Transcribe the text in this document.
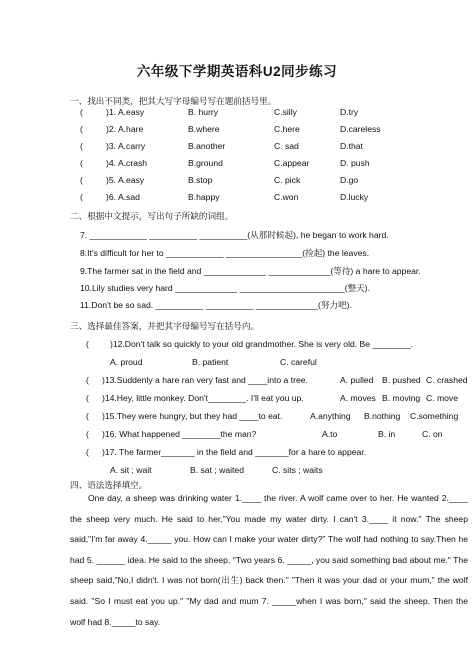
六年级下学期英语科U2同步练习
一、找出不同类，把其大写字母编号写在题前括号里。
(	)1. A.easy	B. hurry	C.silly	D.try
(	)2. A.hare	B.where	C.here	D.careless
(	)3. A.carry	B.another	C. sad	D.that
(	)4. A.crash	B.ground	C.appear	D. push
(	)5. A.easy	B.stop	C. pick	D.go
(	)6. A.sad	B.happy	C.won	D.lucky
二、根据中文提示，写出句子所缺的词组。
7. ____________ __________ __________(从那时候起), he began to work hard.
8.It's difficult for her to ____________ ________________(捡起) the leaves.
9.The farmer sat in the field and _____________ _____________(等待) a hare to appear.
10.Lily studies very hard _____________ ______________________(整天).
11.Don't be so sad. __________ __________ _____________(努力吧).
三、选择最佳答案，并把其字母编号写在括号内。
( )12.Don't talk so quickly to your old grandmother. She is very old. Be ________.
A. proud	B. patient	C. careful
( )13.Suddenly a hare ran very fast and ____into a tree.	A. pulled B. pushed C. crashed
( )14.Hey, little monkey. Don't________. I'll eat you up.	A. moves B. moving C. move
( )15.They were hungry, but they had ____to eat.	A.anything B.nothing C.something
( )16. What happened ________the man?	A.to	B. in	C. on
( )17. The farmer_______ in the field and _______for a hare to appear.
A. sit ; wait	B. sat ; waited	C. sits ; waits
四、语法选择填空。
One day, a sheep was drinking water 1.____ the river. A wolf came over to her. He wanted 2.____ the sheep very much. He said to her,"You made my water dirty. I can't 3.____ it now." The sheep said,"I'm far away 4._____ you. How can I make your water dirty?" The wolf had nothing to say.Then he had 5. ______ idea. He said to the sheep, "Two years 6. _____, you said something bad about me." The sheep said,"No,I didn't. I was not born(出生) back then." "Then it was your dad or your mum," the wolf said. "So I must eat you up." "My dad and mum 7. _____when I was born," said the sheep. Then the wolf had 8._____to say.
